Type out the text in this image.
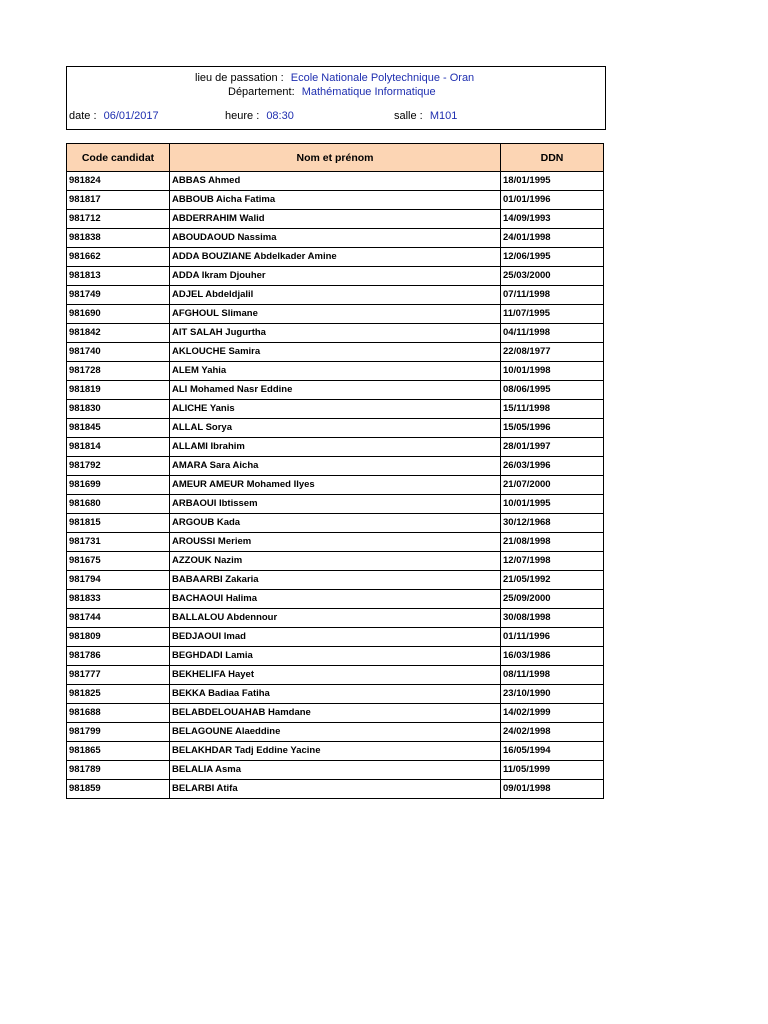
lieu de passation : Ecole Nationale Polytechnique - Oran
Département: Mathématique Informatique
date : 06/01/2017	heure : 08:30	salle : M101
Code candidat	Nom et prénom	DDN
981824	ABBAS Ahmed	18/01/1995
981817	ABBOUB Aicha Fatima	01/01/1996
981712	ABDERRAHIM Walid	14/09/1993
981838	ABOUDAOUD Nassima	24/01/1998
981662	ADDA BOUZIANE Abdelkader Amine	12/06/1995
981813	ADDA Ikram Djouher	25/03/2000
981749	ADJEL Abdeldjalil	07/11/1998
981690	AFGHOUL Slimane	11/07/1995
981842	AIT SALAH Jugurtha	04/11/1998
981740	AKLOUCHE Samira	22/08/1977
981728	ALEM Yahia	10/01/1998
981819	ALI Mohamed Nasr Eddine	08/06/1995
981830	ALICHE Yanis	15/11/1998
981845	ALLAL Sorya	15/05/1996
981814	ALLAMI Ibrahim	28/01/1997
981792	AMARA Sara Aicha	26/03/1996
981699	AMEUR AMEUR Mohamed Ilyes	21/07/2000
981680	ARBAOUI Ibtissem	10/01/1995
981815	ARGOUB Kada	30/12/1968
981731	AROUSSI Meriem	21/08/1998
981675	AZZOUK Nazim	12/07/1998
981794	BABAARBI Zakaria	21/05/1992
981833	BACHAOUI Halima	25/09/2000
981744	BALLALOU Abdennour	30/08/1998
981809	BEDJAOUI Imad	01/11/1996
981786	BEGHDADI Lamia	16/03/1986
981777	BEKHELIFA Hayet	08/11/1998
981825	BEKKA Badiaa Fatiha	23/10/1990
981688	BELABDELOUAHAB Hamdane	14/02/1999
981799	BELAGOUNE Alaeddine	24/02/1998
981865	BELAKHDAR Tadj Eddine Yacine	16/05/1994
981789	BELALIA Asma	11/05/1999
981859	BELARBI Atifa	09/01/1998
